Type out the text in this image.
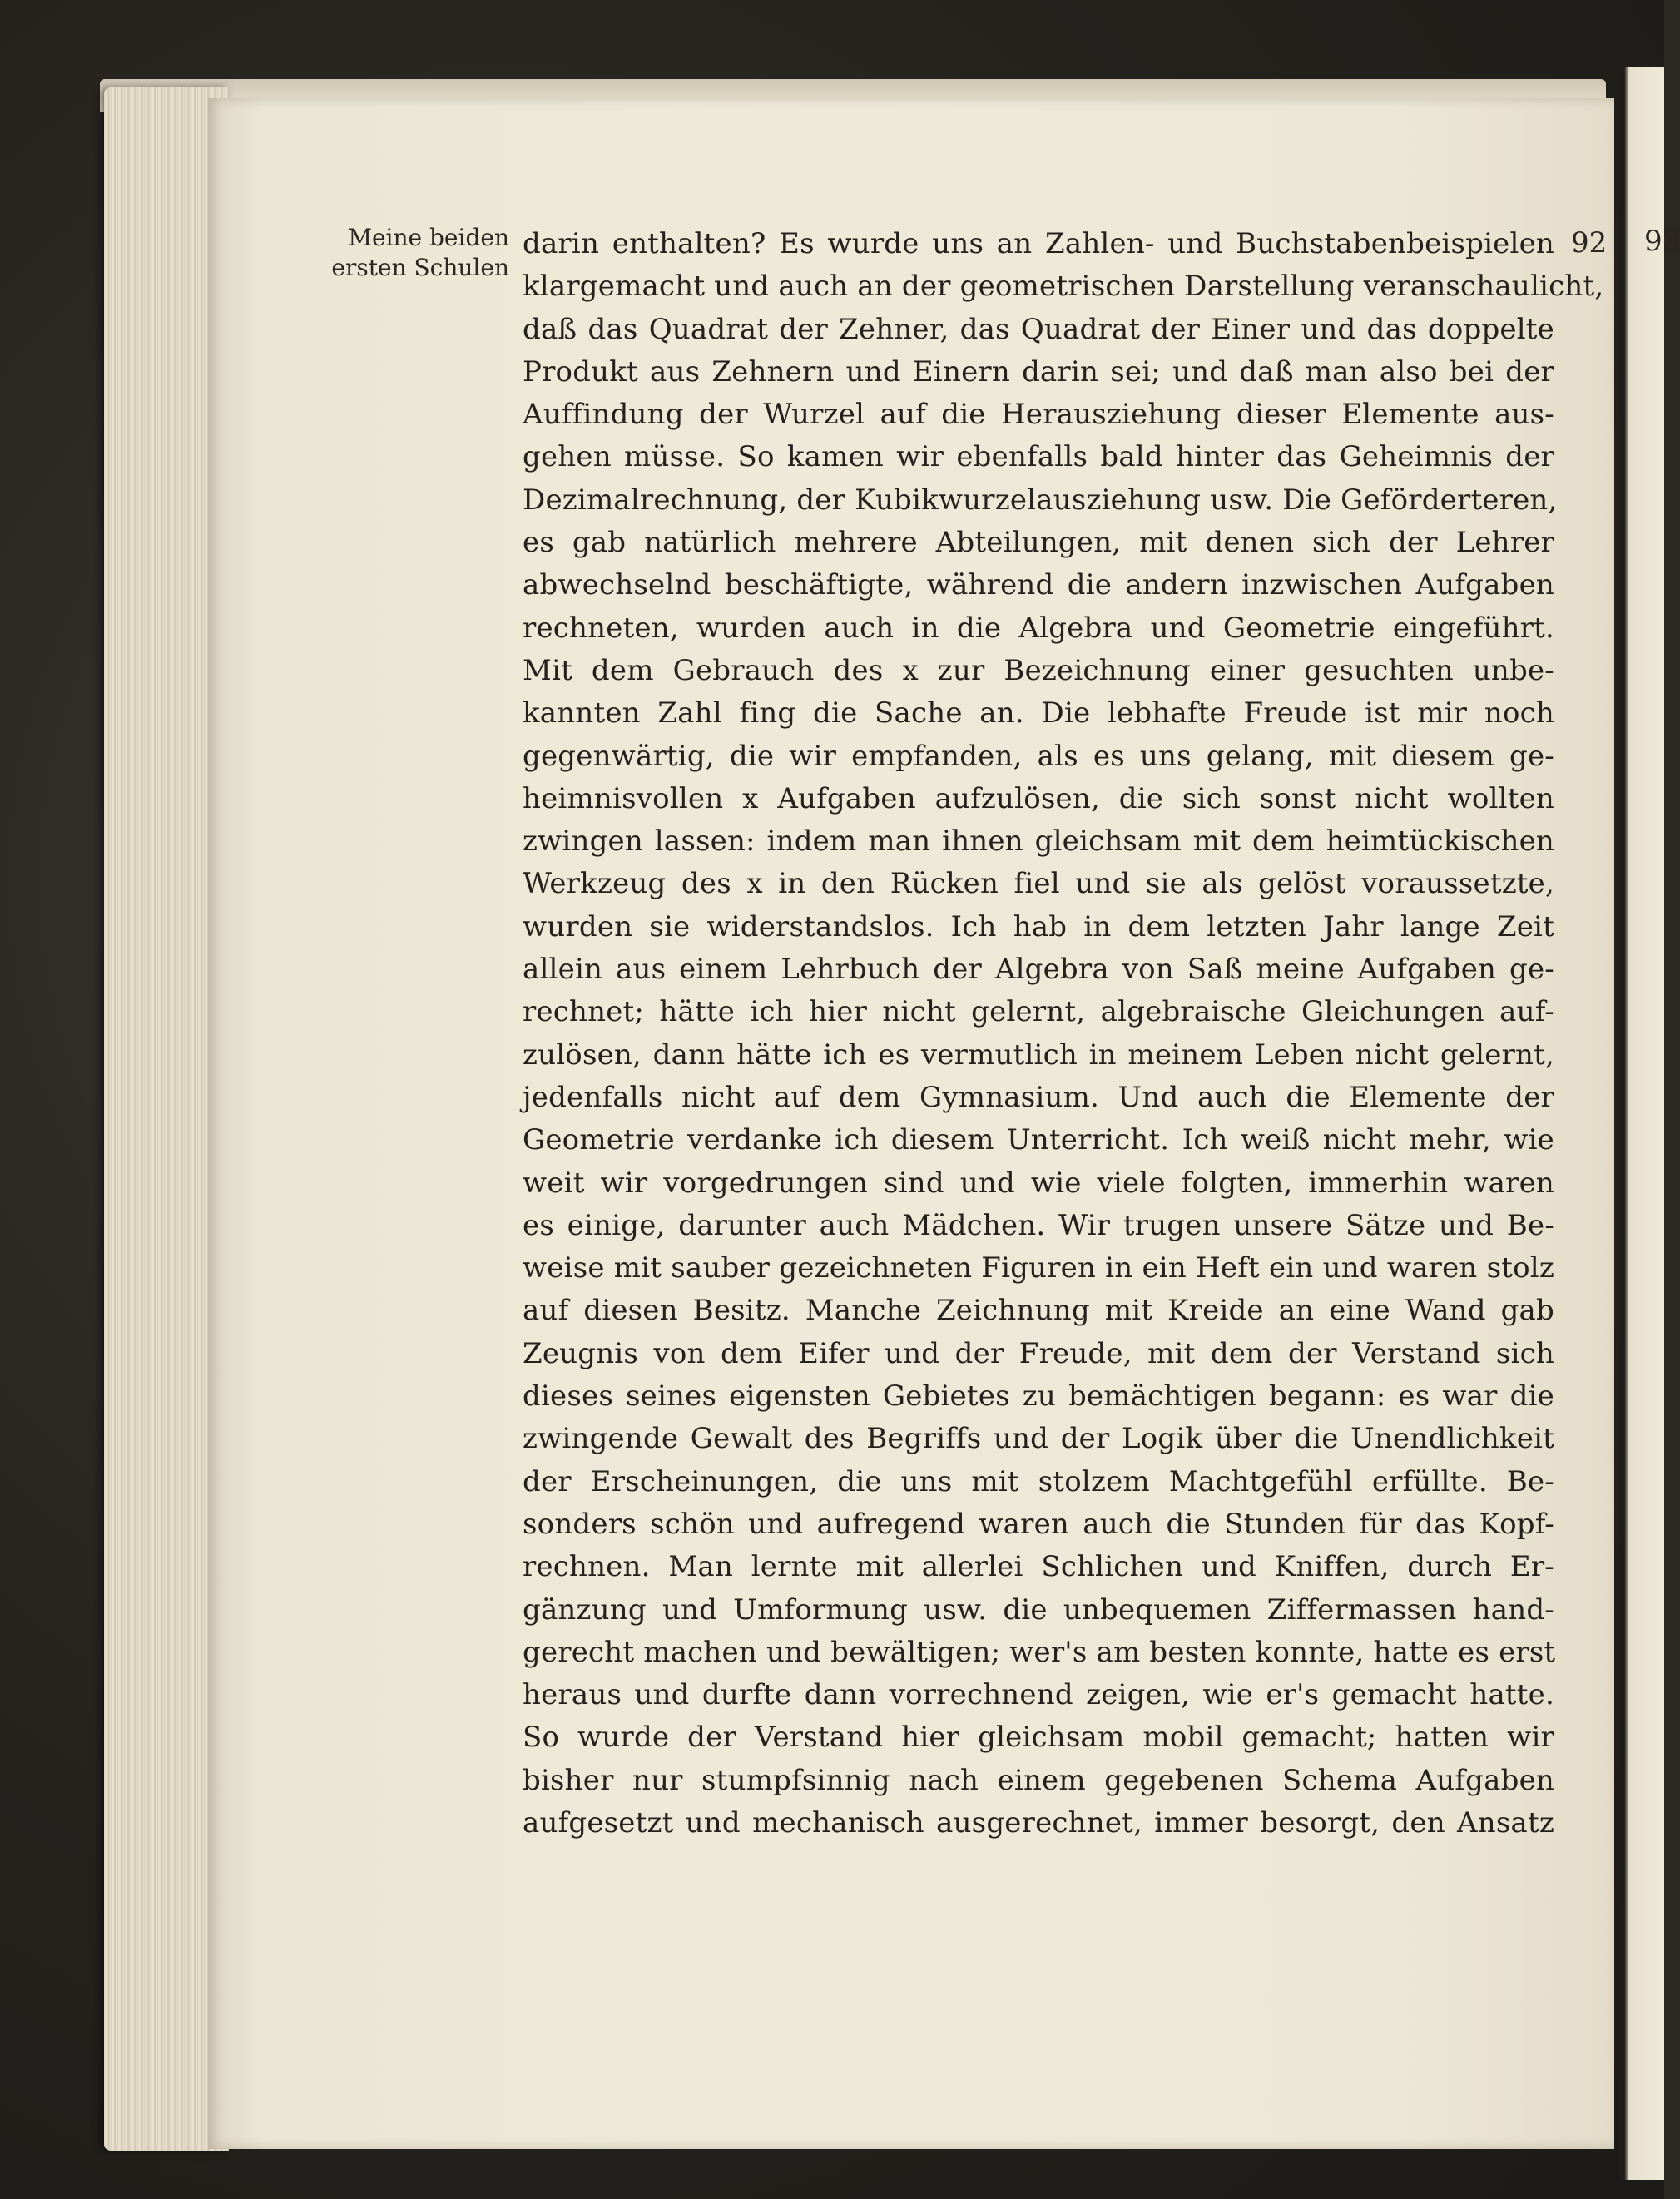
93
Meine beiden
ersten Schulen
92
darin enthalten? Es wurde uns an Zahlen- und Buchstabenbeispielen
klargemacht und auch an der geometrischen Darstellung veranschaulicht,
daß das Quadrat der Zehner, das Quadrat der Einer und das doppelte
Produkt aus Zehnern und Einern darin sei; und daß man also bei der
Auffindung der Wurzel auf die Herausziehung dieser Elemente aus-
gehen müsse. So kamen wir ebenfalls bald hinter das Geheimnis der
Dezimalrechnung, der Kubikwurzelausziehung usw. Die Geförderteren,
es gab natürlich mehrere Abteilungen, mit denen sich der Lehrer
abwechselnd beschäftigte, während die andern inzwischen Aufgaben
rechneten, wurden auch in die Algebra und Geometrie eingeführt.
Mit dem Gebrauch des x zur Bezeichnung einer gesuchten unbe-
kannten Zahl fing die Sache an. Die lebhafte Freude ist mir noch
gegenwärtig, die wir empfanden, als es uns gelang, mit diesem ge-
heimnisvollen x Aufgaben aufzulösen, die sich sonst nicht wollten
zwingen lassen: indem man ihnen gleichsam mit dem heimtückischen
Werkzeug des x in den Rücken fiel und sie als gelöst voraussetzte,
wurden sie widerstandslos. Ich hab in dem letzten Jahr lange Zeit
allein aus einem Lehrbuch der Algebra von Saß meine Aufgaben ge-
rechnet; hätte ich hier nicht gelernt, algebraische Gleichungen auf-
zulösen, dann hätte ich es vermutlich in meinem Leben nicht gelernt,
jedenfalls nicht auf dem Gymnasium. Und auch die Elemente der
Geometrie verdanke ich diesem Unterricht. Ich weiß nicht mehr, wie
weit wir vorgedrungen sind und wie viele folgten, immerhin waren
es einige, darunter auch Mädchen. Wir trugen unsere Sätze und Be-
weise mit sauber gezeichneten Figuren in ein Heft ein und waren stolz
auf diesen Besitz. Manche Zeichnung mit Kreide an eine Wand gab
Zeugnis von dem Eifer und der Freude, mit dem der Verstand sich
dieses seines eigensten Gebietes zu bemächtigen begann: es war die
zwingende Gewalt des Begriffs und der Logik über die Unendlichkeit
der Erscheinungen, die uns mit stolzem Machtgefühl erfüllte. Be-
sonders schön und aufregend waren auch die Stunden für das Kopf-
rechnen. Man lernte mit allerlei Schlichen und Kniffen, durch Er-
gänzung und Umformung usw. die unbequemen Ziffermassen hand-
gerecht machen und bewältigen; wer's am besten konnte, hatte es erst
heraus und durfte dann vorrechnend zeigen, wie er's gemacht hatte.
So wurde der Verstand hier gleichsam mobil gemacht; hatten wir
bisher nur stumpfsinnig nach einem gegebenen Schema Aufgaben
aufgesetzt und mechanisch ausgerechnet, immer besorgt, den Ansatz
